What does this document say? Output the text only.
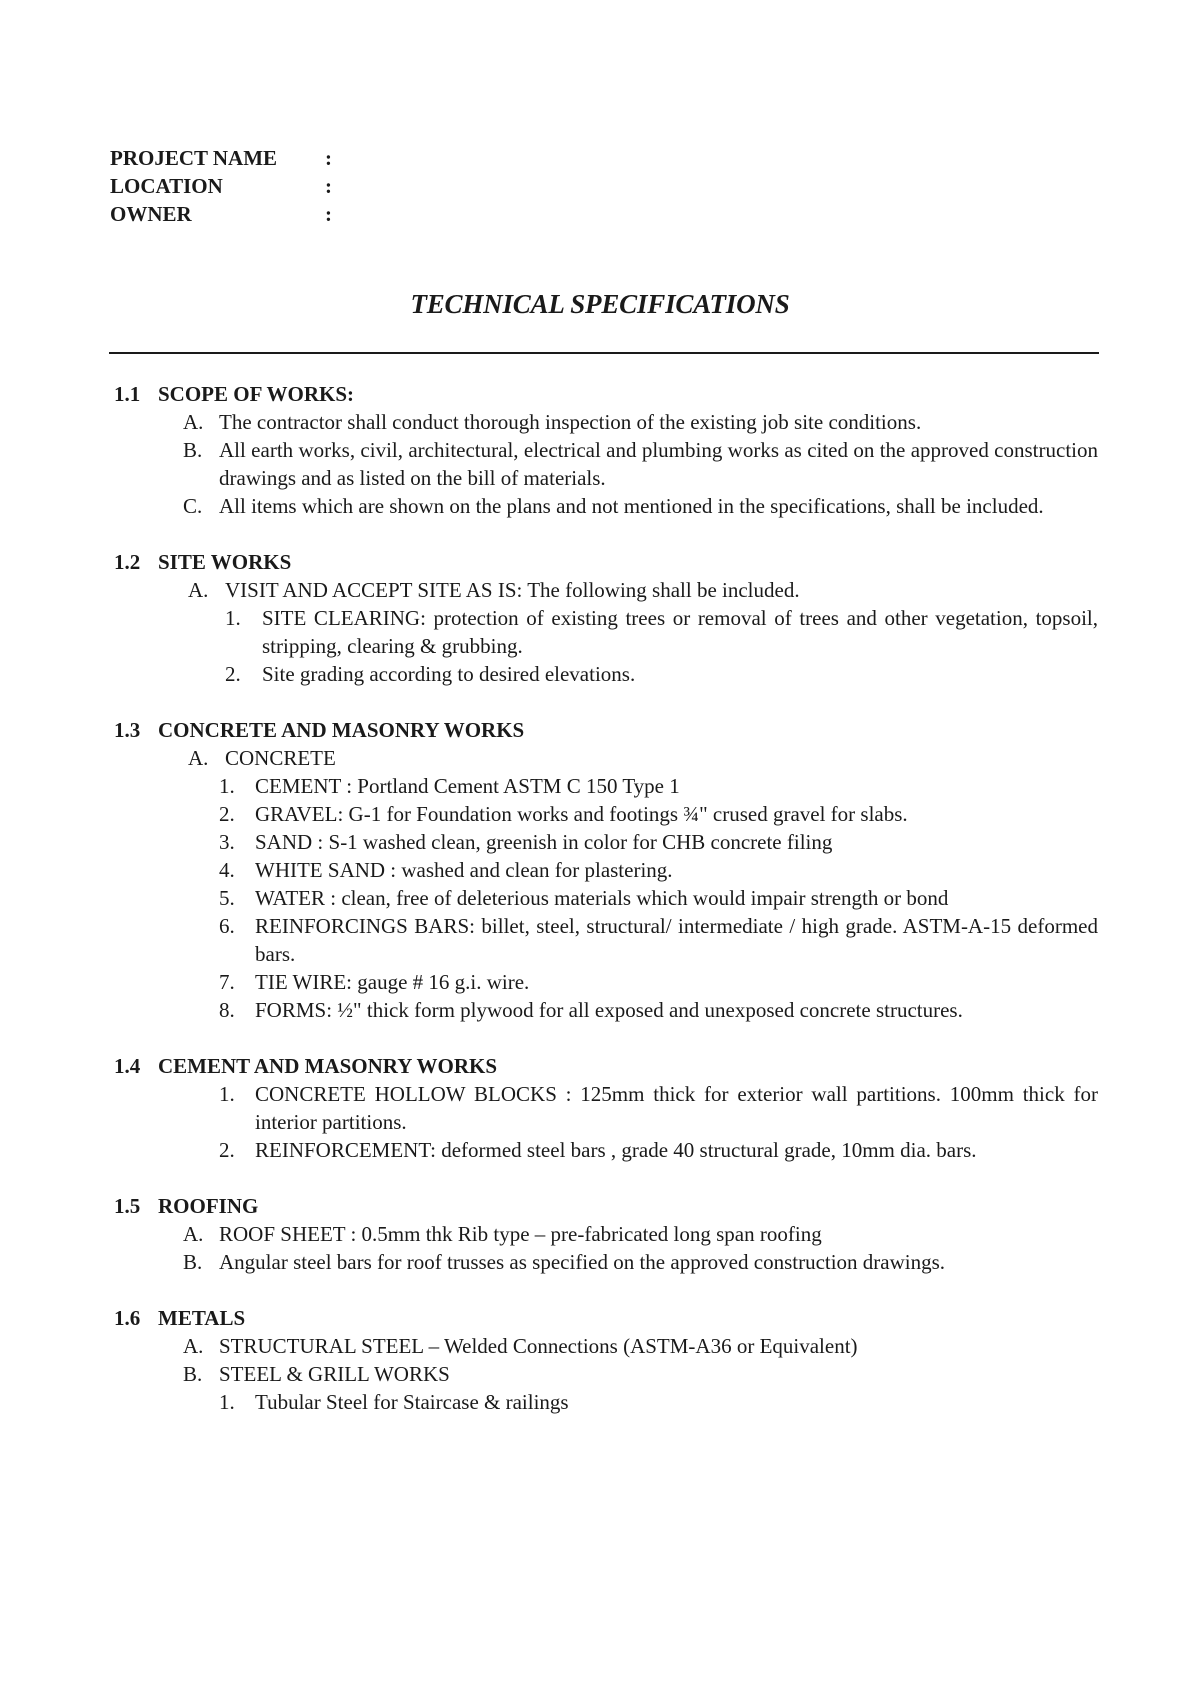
PROJECT NAME	:
LOCATION	:
OWNER	:
TECHNICAL SPECIFICATIONS
1.1 SCOPE OF WORKS:
A. The contractor shall conduct thorough inspection of the existing job site conditions.
B. All earth works, civil, architectural, electrical and plumbing works as cited on the approved construction drawings and as listed on the bill of materials.
C. All items which are shown on the plans and not mentioned in the specifications, shall be included.
1.2 SITE WORKS
A. VISIT AND ACCEPT SITE AS IS: The following shall be included.
1.	SITE CLEARING: protection of existing trees or removal of trees and other vegetation, topsoil, stripping, clearing & grubbing.
2.	Site grading according to desired elevations.
1.3 CONCRETE AND MASONRY WORKS
A. CONCRETE
1. CEMENT : Portland Cement ASTM C 150 Type 1
2. GRAVEL: G-1 for Foundation works and footings ¾" crused gravel for slabs.
3. SAND : S-1 washed clean, greenish in color for CHB concrete filing
4. WHITE SAND : washed and clean for plastering.
5. WATER : clean, free of deleterious materials which would impair strength or bond
6. REINFORCINGS BARS: billet, steel, structural/ intermediate / high grade. ASTM-A-15 deformed bars.
7. TIE WIRE: gauge # 16 g.i. wire.
8. FORMS: ½" thick form plywood for all exposed and unexposed concrete structures.
1.4 CEMENT AND MASONRY WORKS
1. CONCRETE HOLLOW BLOCKS : 125mm thick for exterior wall partitions. 100mm thick for interior partitions.
2. REINFORCEMENT: deformed steel bars , grade 40 structural grade, 10mm dia. bars.
1.5 ROOFING
A. ROOF SHEET : 0.5mm thk Rib type – pre-fabricated long span roofing
B. Angular steel bars for roof trusses as specified on the approved construction drawings.
1.6 METALS
A. STRUCTURAL STEEL – Welded Connections (ASTM-A36 or Equivalent)
B. STEEL & GRILL WORKS
1. Tubular Steel for Staircase & railings
